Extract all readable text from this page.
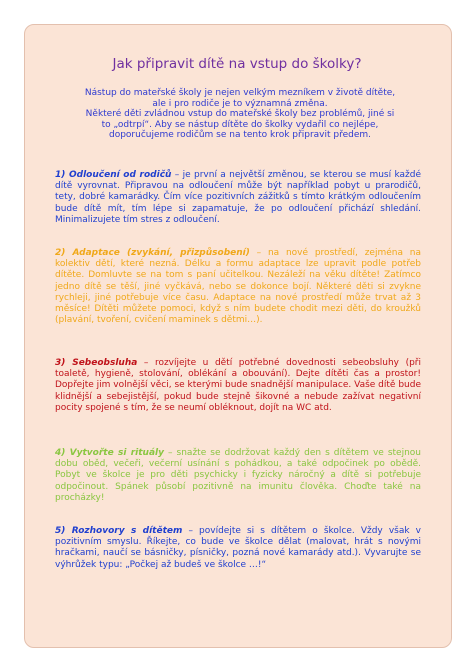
Jak připravit dítě na vstup do školky?

Nástup do mateřské školy je nejen velkým mezníkem v životě dítěte,

ale i pro rodiče je to významná změna.

Některé děti zvládnou vstup do mateřské školy bez problémů, jiné si

to „odtrpí“. Aby se nástup dítěte do školky vydařil co nejlépe,

doporučujeme rodičům se na tento krok připravit předem.

1) Odloučení od rodičů – je první a největší změnou, se kterou se musí každé dítě vyrovnat. Připravou na odloučení může být například pobyt u prarodičů, tety, dobré kamarádky. Čím více pozitivních zážitků s tímto krátkým odloučením bude dítě mít, tím lépe si zapamatuje, že po odloučení přichází shledání. Minimalizujete tím stres z odloučení.
2) Adaptace (zvykání, přizpůsobení) – na nové prostředí, zejména na kolektiv dětí, které nezná. Délku a formu adaptace lze upravit podle potřeb dítěte. Domluvte se na tom s paní učitelkou. Nezáleží na věku dítěte! Zatímco jedno dítě se těší, jiné vyčkává, nebo se dokonce bojí. Některé děti si zvykne rychleji, jiné potřebuje více času. Adaptace na nové prostředí může trvat až 3 měsíce! Dítěti můžete pomoci, když s ním budete chodit mezi děti, do kroužků (plavání, tvoření, cvičení maminek s dětmi…).
3) Sebeobsluha – rozvíjejte u dětí potřebné dovednosti sebeobsluhy (při toaletě, hygieně, stolování, oblékání a obouvání). Dejte dítěti čas a prostor! Dopřejte jim volnější věci, se kterými bude snadnější manipulace. Vaše dítě bude klidnější a sebejistější, pokud bude stejně šikovné a nebude zažívat negativní pocity spojené s tím, že se neumí obléknout, dojít na WC atd.
4) Vytvořte si rituály – snažte se dodržovat každý den s dítětem ve stejnou dobu oběd, večeři, večerní usínání s pohádkou, a také odpočinek po obědě. Pobyt ve školce je pro děti psychicky i fyzicky náročný a dítě si potřebuje odpočinout. Spánek působí pozitivně na imunitu člověka. Choďte také na procházky!
5) Rozhovory s dítětem – povídejte si s dítětem o školce. Vždy však v pozitivním smyslu. Říkejte, co bude ve školce dělat (malovat, hrát s novými hračkami, naučí se básničky, písničky, pozná nové kamarády atd.). Vyvarujte se výhrůžek typu: „Počkej až budeš ve školce …!“
